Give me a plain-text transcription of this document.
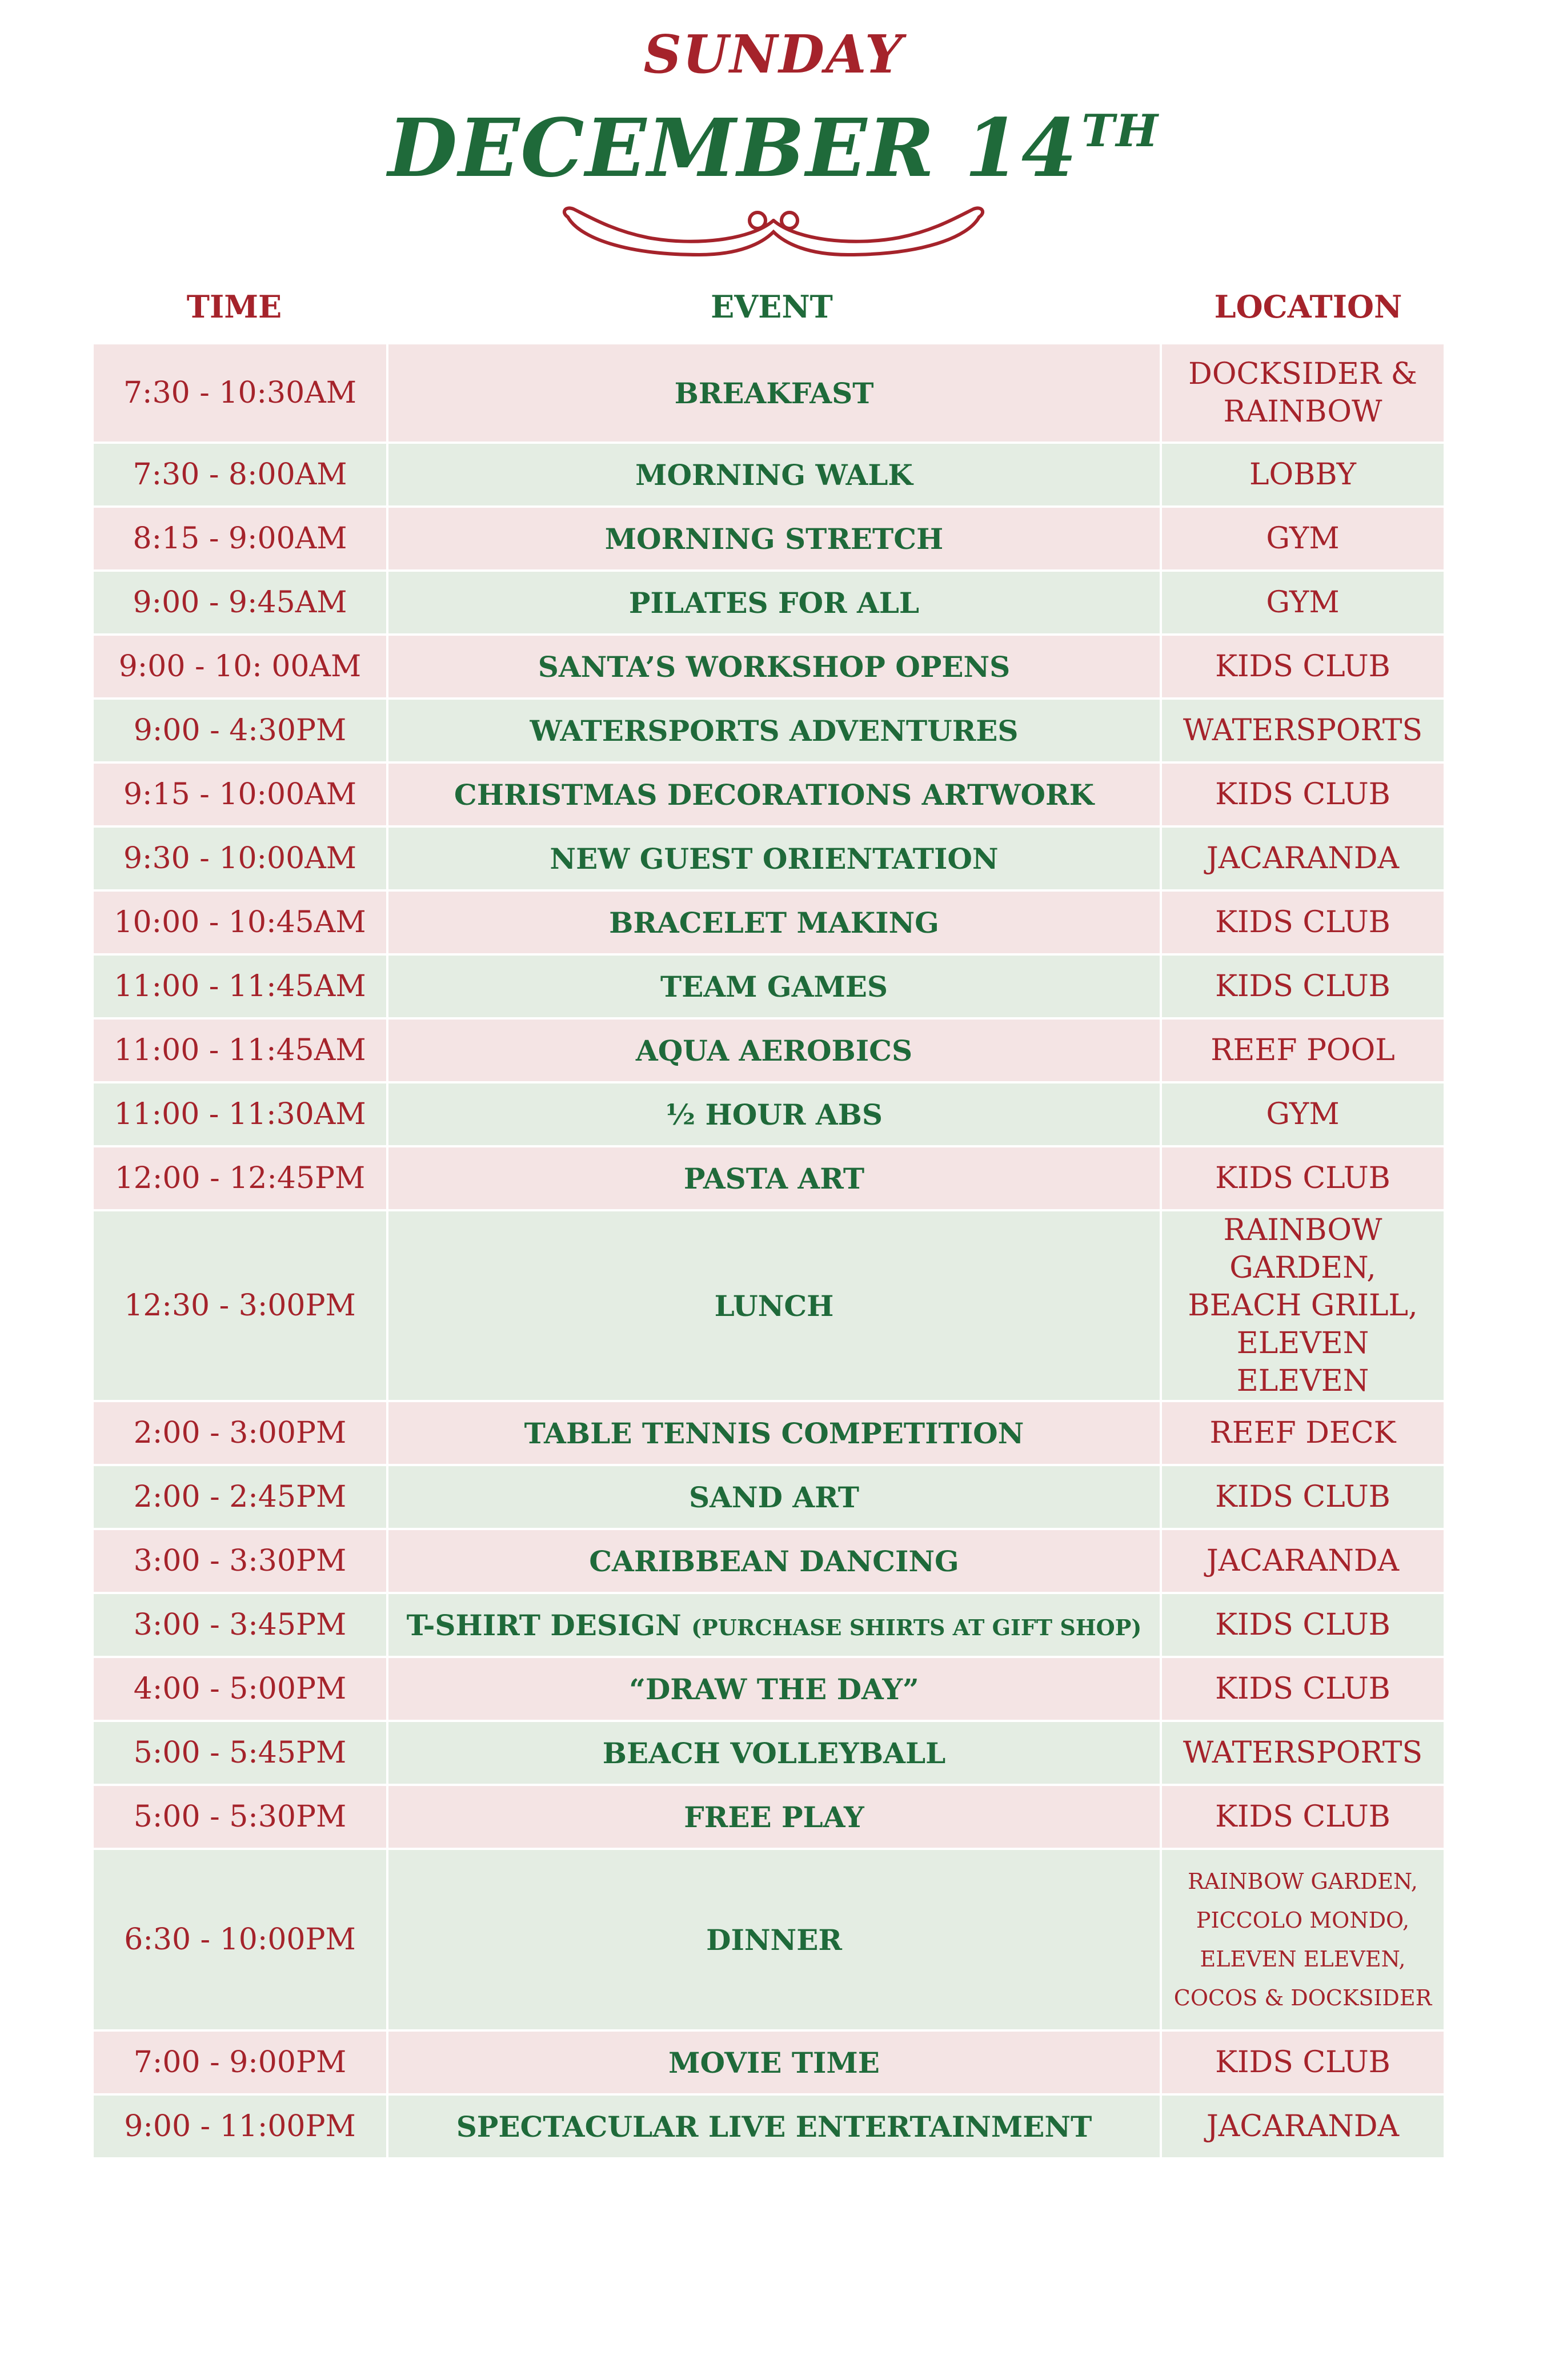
SUNDAY
DECEMBER 14TH
TIME	EVENT	LOCATION
7:30 - 10:30AM	BREAKFAST	DOCKSIDER & RAINBOW
7:30 - 8:00AM	MORNING WALK	LOBBY
8:15 - 9:00AM	MORNING STRETCH	GYM
9:00 - 9:45AM	PILATES FOR ALL	GYM
9:00 - 10: 00AM	SANTA’S WORKSHOP OPENS	KIDS CLUB
9:00 - 4:30PM	WATERSPORTS ADVENTURES	WATERSPORTS
9:15 - 10:00AM	CHRISTMAS DECORATIONS ARTWORK	KIDS CLUB
9:30 - 10:00AM	NEW GUEST ORIENTATION	JACARANDA
10:00 - 10:45AM	BRACELET MAKING	KIDS CLUB
11:00 - 11:45AM	TEAM GAMES	KIDS CLUB
11:00 - 11:45AM	AQUA AEROBICS	REEF POOL
11:00 - 11:30AM	½ HOUR ABS	GYM
12:00 - 12:45PM	PASTA ART	KIDS CLUB
12:30 - 3:00PM	LUNCH	RAINBOW
GARDEN,
BEACH GRILL,
ELEVEN ELEVEN

2:00 - 3:00PM	TABLE TENNIS COMPETITION	REEF DECK
2:00 - 2:45PM	SAND ART	KIDS CLUB
3:00 - 3:30PM	CARIBBEAN DANCING	JACARANDA
3:00 - 3:45PM	T-SHIRT DESIGN (PURCHASE SHIRTS AT GIFT SHOP)	KIDS CLUB
4:00 - 5:00PM	“DRAW THE DAY”	KIDS CLUB
5:00 - 5:45PM	BEACH VOLLEYBALL	WATERSPORTS
5:00 - 5:30PM	FREE PLAY	KIDS CLUB
6:30 - 10:00PM	DINNER	RAINBOW GARDEN,
PICCOLO MONDO,
ELEVEN ELEVEN,
COCOS & DOCKSIDER

7:00 - 9:00PM	MOVIE TIME	KIDS CLUB
9:00 - 11:00PM	SPECTACULAR LIVE ENTERTAINMENT	JACARANDA
